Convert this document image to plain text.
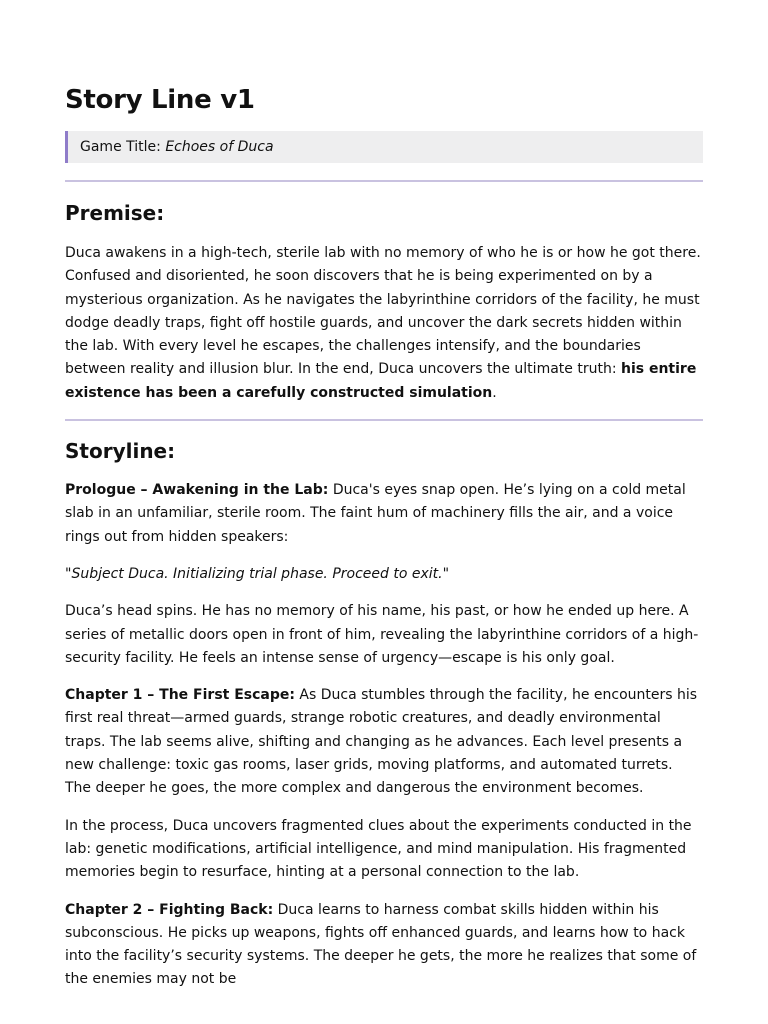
Story Line v1
Game Title: Echoes of Duca
Premise:

Duca awakens in a high-tech, sterile lab with no memory of who he is or how he got there. Confused and disoriented, he soon discovers that he is being experimented on by a mysterious organization. As he navigates the labyrinthine corridors of the facility, he must dodge deadly traps, fight off hostile guards, and uncover the dark secrets hidden within the lab. With every level he escapes, the challenges intensify, and the boundaries between reality and illusion blur. In the end, Duca uncovers the ultimate truth: his entire existence has been a carefully constructed simulation.

Storyline:

Prologue – Awakening in the Lab: Duca's eyes snap open. He’s lying on a cold metal slab in an unfamiliar, sterile room. The faint hum of machinery fills the air, and a voice rings out from hidden speakers:

"Subject Duca. Initializing trial phase. Proceed to exit."

Duca’s head spins. He has no memory of his name, his past, or how he ended up here. A series of metallic doors open in front of him, revealing the labyrinthine corridors of a high-security facility. He feels an intense sense of urgency—escape is his only goal.

Chapter 1 – The First Escape: As Duca stumbles through the facility, he encounters his first real threat—armed guards, strange robotic creatures, and deadly environmental traps. The lab seems alive, shifting and changing as he advances. Each level presents a new challenge: toxic gas rooms, laser grids, moving platforms, and automated turrets. The deeper he goes, the more complex and dangerous the environment becomes.

In the process, Duca uncovers fragmented clues about the experiments conducted in the lab: genetic modifications, artificial intelligence, and mind manipulation. His fragmented memories begin to resurface, hinting at a personal connection to the lab.

Chapter 2 – Fighting Back: Duca learns to harness combat skills hidden within his subconscious. He picks up weapons, fights off enhanced guards, and learns how to hack into the facility’s security systems. The deeper he gets, the more he realizes that some of the enemies may not be
